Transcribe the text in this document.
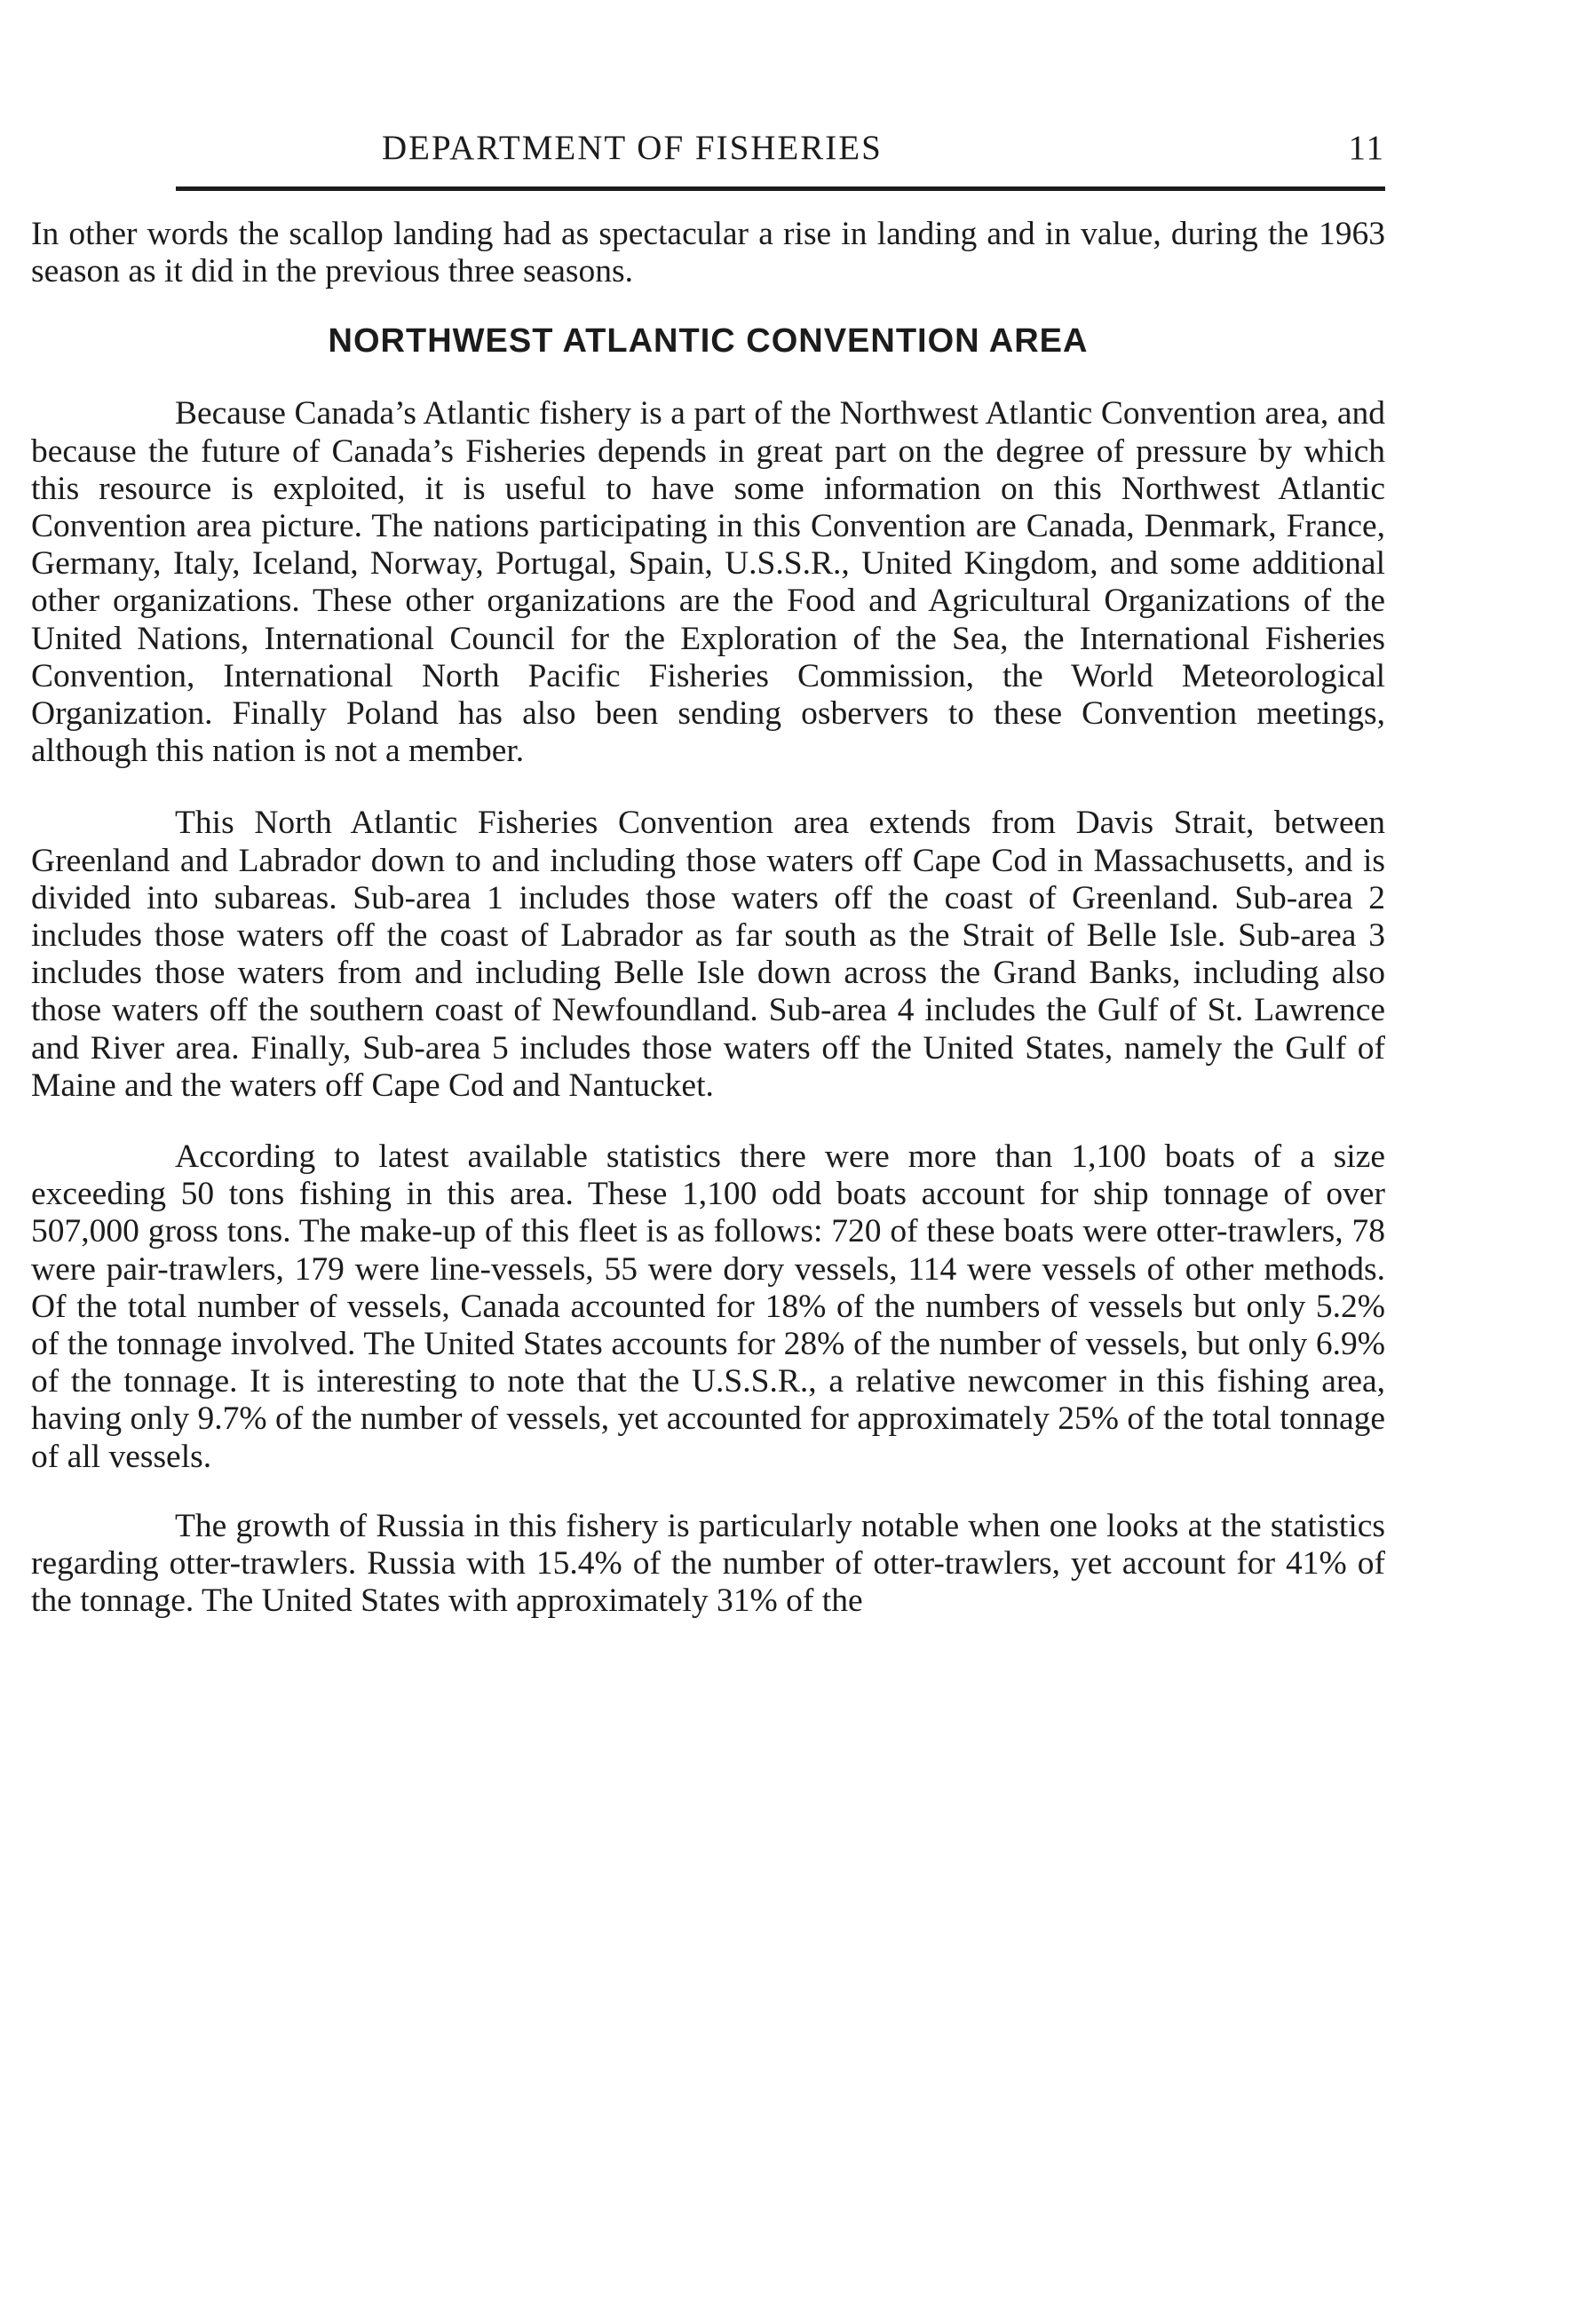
DEPARTMENT OF FISHERIES	11

In other words the scallop landing had as spectacular a rise in landing and in value, during the 1963 season as it did in the previous three seasons.

NORTHWEST ATLANTIC CONVENTION AREA

Because Canada’s Atlantic fishery is a part of the Northwest Atlantic Convention area, and because the future of Canada’s Fisheries depends in great part on the degree of pressure by which this resource is exploited, it is useful to have some information on this Northwest Atlantic Convention area picture. The nations participating in this Convention are Canada, Denmark, France, Germany, Italy, Iceland, Norway, Portugal, Spain, U.S.S.R., United Kingdom, and some additional other organizations. These other organizations are the Food and Agricultural Organizations of the United Nations, International Council for the Exploration of the Sea, the International Fisheries Convention, International North Pacific Fisheries Commission, the World Meteorological Organization. Finally Poland has also been sending osbervers to these Convention meetings, although this nation is not a member.

This North Atlantic Fisheries Convention area extends from Davis Strait, between Greenland and Labrador down to and including those waters off Cape Cod in Massachusetts, and is divided into subareas. Sub-area 1 includes those waters off the coast of Greenland. Sub-area 2 includes those waters off the coast of Labrador as far south as the Strait of Belle Isle. Sub-area 3 includes those waters from and including Belle Isle down across the Grand Banks, including also those waters off the southern coast of Newfoundland. Sub-area 4 includes the Gulf of St. Lawrence and River area. Finally, Sub-area 5 includes those waters off the United States, namely the Gulf of Maine and the waters off Cape Cod and Nantucket.

According to latest available statistics there were more than 1,100 boats of a size exceeding 50 tons fishing in this area. These 1,100 odd boats account for ship tonnage of over 507,000 gross tons. The make-up of this fleet is as follows: 720 of these boats were otter-trawlers, 78 were pair-trawlers, 179 were line-vessels, 55 were dory vessels, 114 were vessels of other methods. Of the total number of vessels, Canada accounted for 18% of the numbers of vessels but only 5.2% of the tonnage involved. The United States accounts for 28% of the number of vessels, but only 6.9% of the tonnage. It is interesting to note that the U.S.S.R., a relative newcomer in this fishing area, having only 9.7% of the number of vessels, yet accounted for approximately 25% of the total tonnage of all vessels.

The growth of Russia in this fishery is particularly notable when one looks at the statistics regarding otter-trawlers. Russia with 15.4% of the number of otter-trawlers, yet account for 41% of the tonnage. The United States with approximately 31% of the
